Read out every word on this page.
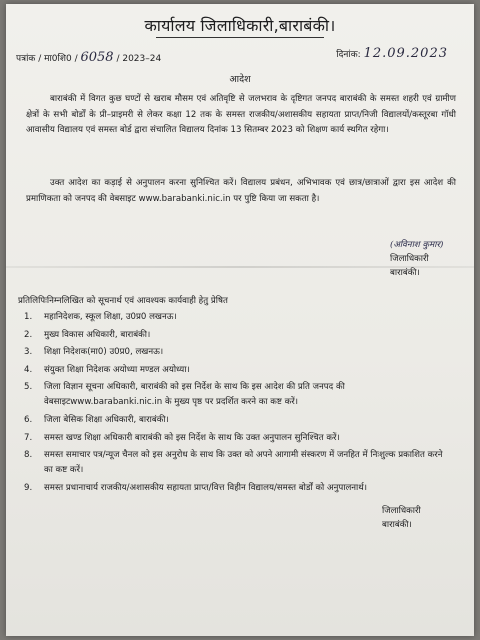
कार्यालय जिलाधिकारी,बाराबंकी।
पत्रांक / मा0शि0 / 6058 / 2023–24	दिनांक: 12.09.2023
आदेश
बाराबंकी में विगत कुछ घण्टों से खराब मौसम एवं अतिवृष्टि से जलभराव के दृष्टिगत जनपद बाराबंकी के समस्त शहरी एवं ग्रामीण क्षेत्रों के सभी बोर्डों के प्री–प्राइमरी से लेकर कक्षा 12 तक के समस्त राजकीय/अशासकीय सहायता प्राप्त/निजी विद्यालयों/कस्तूरबा गॉधी आवासीय विद्यालय एवं समस्त बोर्ड द्वारा संचालित विद्यालय दिनांक 13 सितम्बर 2023 को शिक्षण कार्य स्थगित रहेगा।
उक्त आदेश का कड़ाई से अनुपालन करना सुनिश्चित करें। विद्यालय प्रबंधन, अभिभावक एवं छात्र/छात्राओं द्वारा इस आदेश की प्रमाणिकता को जनपद की वेबसाइट www.barabanki.nic.in पर पुष्टि किया जा सकता है।
(अविनाश कुमार)
जिलाधिकारी
बाराबंकी।
प्रतिलिपिःनिम्नलिखित को सूचनार्थ एवं आवश्यक कार्यवाही हेतु प्रेषित
1. महानिदेशक, स्कूल शिक्षा, उ0प्र0 लखनऊ।
2. मुख्य विकास अधिकारी, बाराबंकी।
3. शिक्षा निदेशक(मा0) उ0प्र0, लखनऊ।
4. संयुक्त शिक्षा निदेशक अयोध्या मण्डल अयोध्या।
5. जिला विज्ञान सूचना अधिकारी, बाराबंकी को इस निर्देश के साथ कि इस आदेश की प्रति जनपद की वेबसाइटwww.barabanki.nic.in के मुख्य पृष्ठ पर प्रदर्शित करने का कष्ट करें।
6. जिला बेसिक शिक्षा अधिकारी, बाराबंकी।
7. समस्त खण्ड शिक्षा अधिकारी बाराबंकी को इस निर्देश के साथ कि उक्त अनुपालन सुनिश्चित करें।
8. समस्त समाचार पत्र/न्यूज चैनल को इस अनुरोध के साथ कि उक्त को अपने आगामी संस्करण में जनहित में निःशुल्क प्रकाशित करने का कष्ट करें।
9. समस्त प्रधानाचार्य राजकीय/अशासकीय सहायता प्राप्त/वित्त विहीन विद्यालय/समस्त बोर्डों को अनुपालनार्थ।
जिलाधिकारी
बाराबंकी।
